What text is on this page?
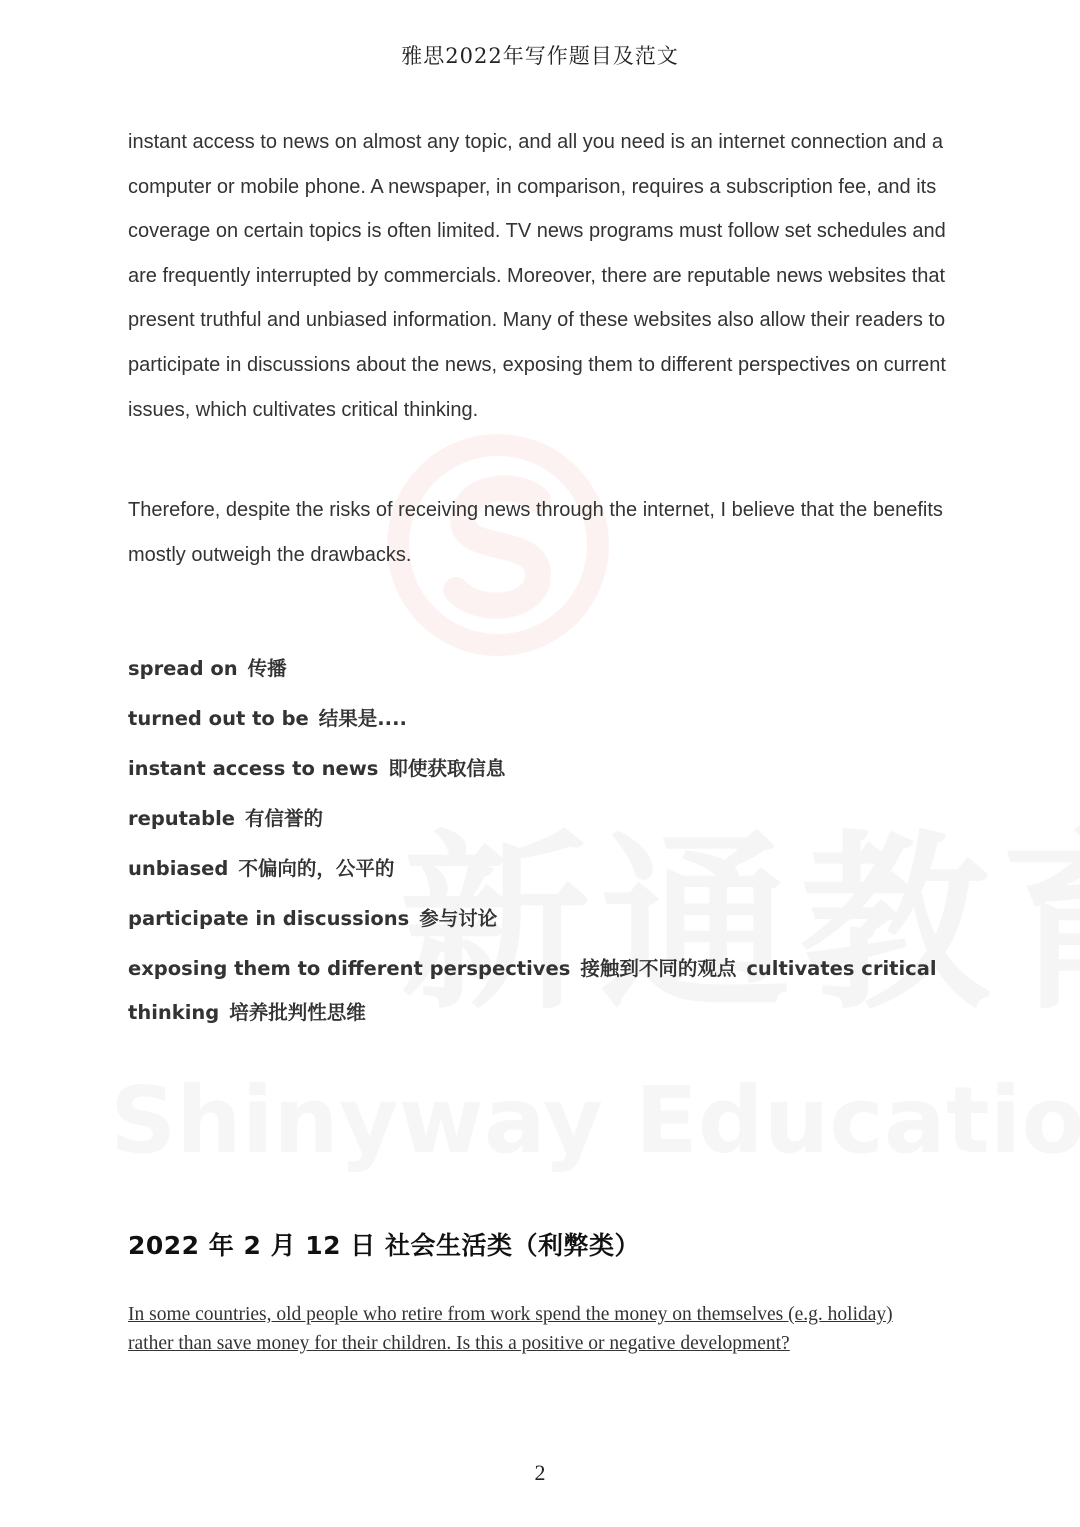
雅思2022年写作题目及范文

instant access to news on almost any topic, and all you need is an internet connection and a computer or mobile phone. A newspaper, in comparison, requires a subscription fee, and its coverage on certain topics is often limited. TV news programs must follow set schedules and are frequently interrupted by commercials. Moreover, there are reputable news websites that present truthful and unbiased information. Many of these websites also allow their readers to participate in discussions about the news, exposing them to different perspectives on current issues, which cultivates critical thinking.

Therefore, despite the risks of receiving news through the internet, I believe that the benefits mostly outweigh the drawbacks.

spread on 传播

turned out to be 结果是....

instant access to news 即使获取信息

reputable 有信誉的

unbiased 不偏向的，公平的

participate in discussions 参与讨论

exposing them to different perspectives 接触到不同的观点 cultivates critical thinking 培养批判性思维

2022 年 2 月 12 日 社会生活类（利弊类）

In some countries, old people who retire from work spend the money on themselves (e.g. holiday) rather than save money for their children. Is this a positive or negative development?

2
